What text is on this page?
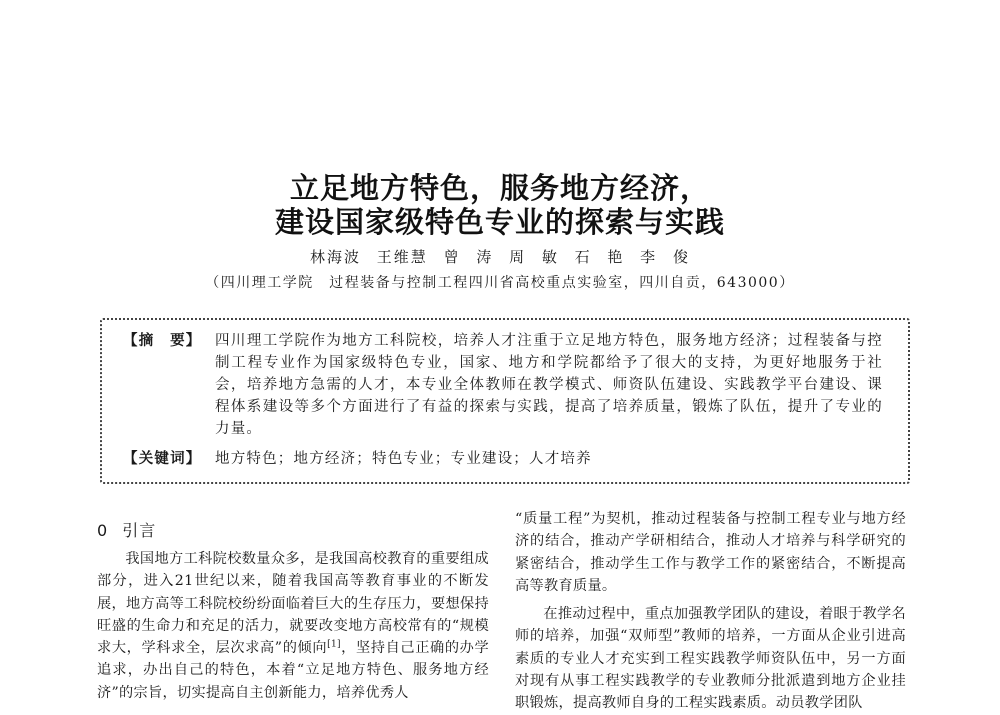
立足地方特色，服务地方经济，
建设国家级特色专业的探索与实践
林海波 王维慧 曾 涛 周 敏 石 艳 李 俊
（四川理工学院　过程装备与控制工程四川省高校重点实验室，四川自贡，643000）
【摘　要】 四川理工学院作为地方工科院校，培养人才注重于立足地方特色，服务地方经济；过程装备与控制工程专业作为国家级特色专业，国家、地方和学院都给予了很大的支持，为更好地服务于社会，培养地方急需的人才，本专业全体教师在教学模式、师资队伍建设、实践教学平台建设、课程体系建设等多个方面进行了有益的探索与实践，提高了培养质量，锻炼了队伍，提升了专业的力量。

【关键词】 地方特色；地方经济；特色专业；专业建设；人才培养

0 引言

我国地方工科院校数量众多，是我国高校教育的重要组成部分，进入21世纪以来，随着我国高等教育事业的不断发展，地方高等工科院校纷纷面临着巨大的生存压力，要想保持旺盛的生命力和充足的活力，就要改变地方高校常有的“规模求大，学科求全，层次求高”的倾向[1]，坚持自己正确的办学追求，办出自己的特色，本着“立足地方特色、服务地方经济”的宗旨，切实提高自主创新能力，培养优秀人

“质量工程”为契机，推动过程装备与控制工程专业与地方经济的结合，推动产学研相结合，推动人才培养与科学研究的紧密结合，推动学生工作与教学工作的紧密结合，不断提高高等教育质量。

在推动过程中，重点加强教学团队的建设，着眼于教学名师的培养，加强“双师型”教师的培养，一方面从企业引进高素质的专业人才充实到工程实践教学师资队伍中，另一方面对现有从事工程实践教学的专业教师分批派遣到地方企业挂职锻炼，提高教师自身的工程实践素质。动员教学团队
